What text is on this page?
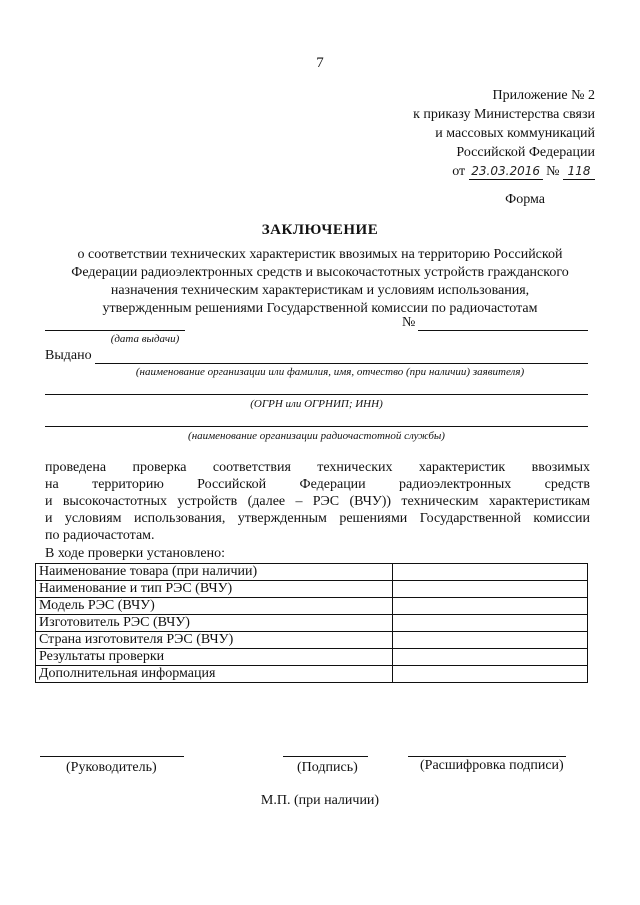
7
Приложение № 2
к приказу Министерства связи
и массовых коммуникаций
Российской Федерации
от 23.03.2016 № 118
Форма
ЗАКЛЮЧЕНИЕ
о соответствии технических характеристик ввозимых на территорию Российской
Федерации радиоэлектронных средств и высокочастотных устройств гражданского
назначения техническим характеристикам и условиям использования,
утвержденным решениями Государственной комиссии по радиочастотам
№
(дата выдачи)
Выдано
(наименование организации или фамилия, имя, отчество (при наличии) заявителя)
(ОГРН или ОГРНИП; ИНН)
(наименование организации радиочастотной службы)

проведена проверка соответствия технических характеристик ввозимых

на территорию Российской Федерации радиоэлектронных средств

и высокочастотных устройств (далее – РЭС (ВЧУ)) техническим характеристикам

и условиям использования, утвержденным решениями Государственной комиссии

по радиочастотам.

В ходе проверки установлено:
Наименование товара (при наличии)	
Наименование и тип РЭС (ВЧУ)	
Модель РЭС (ВЧУ)	
Изготовитель РЭС (ВЧУ)	
Страна изготовителя РЭС (ВЧУ)	
Результаты проверки	
Дополнительная информация	
(Руководитель)	(Подпись)	(Расшифровка подписи)
М.П. (при наличии)
